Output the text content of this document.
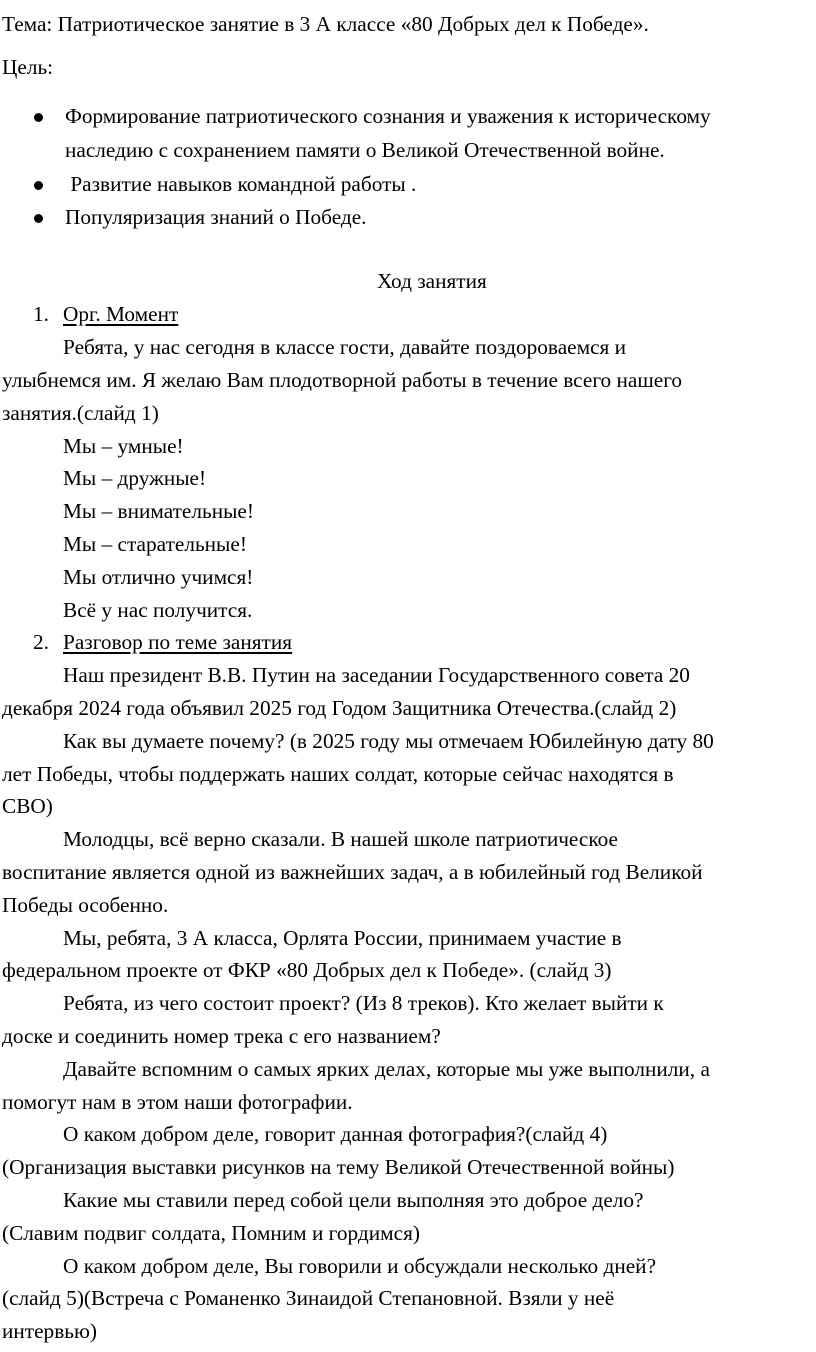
Тема: Патриотическое занятие в 3 А классе «80 Добрых дел к Победе».
Цель:
Формирование патриотического сознания и уважения к историческому
наследию с сохранением памяти о Великой Отечественной войне.
Развитие навыков командной работы .
Популяризация знаний о Победе.
Ход занятия
1. Орг. Момент
Ребята, у нас сегодня в классе гости, давайте поздороваемся и
улыбнемся им. Я желаю Вам плодотворной работы в течение всего нашего
занятия.(слайд 1)
Мы – умные!
Мы – дружные!
Мы – внимательные!
Мы – старательные!
Мы отлично учимся!
Всё у нас получится.
2. Разговор по теме занятия
Наш президент В.В. Путин на заседании Государственного совета 20
декабря 2024 года объявил 2025 год Годом Защитника Отечества.(слайд 2)
Как вы думаете почему? (в 2025 году мы отмечаем Юбилейную дату 80
лет Победы, чтобы поддержать наших солдат, которые сейчас находятся в
СВО)
Молодцы, всё верно сказали. В нашей школе патриотическое
воспитание является одной из важнейших задач, а в юбилейный год Великой
Победы особенно.
Мы, ребята, 3 А класса, Орлята России, принимаем участие в
федеральном проекте от ФКР «80 Добрых дел к Победе». (слайд 3)
Ребята, из чего состоит проект? (Из 8 треков). Кто желает выйти к
доске и соединить номер трека с его названием?
Давайте вспомним о самых ярких делах, которые мы уже выполнили, а
помогут нам в этом наши фотографии.
О каком добром деле, говорит данная фотография?(слайд 4)
(Организация выставки рисунков на тему Великой Отечественной войны)
Какие мы ставили перед собой цели выполняя это доброе дело?
(Славим подвиг солдата, Помним и гордимся)
О каком добром деле, Вы говорили и обсуждали несколько дней?
(слайд 5)(Встреча с Романенко Зинаидой Степановной. Взяли у неё
интервью)
